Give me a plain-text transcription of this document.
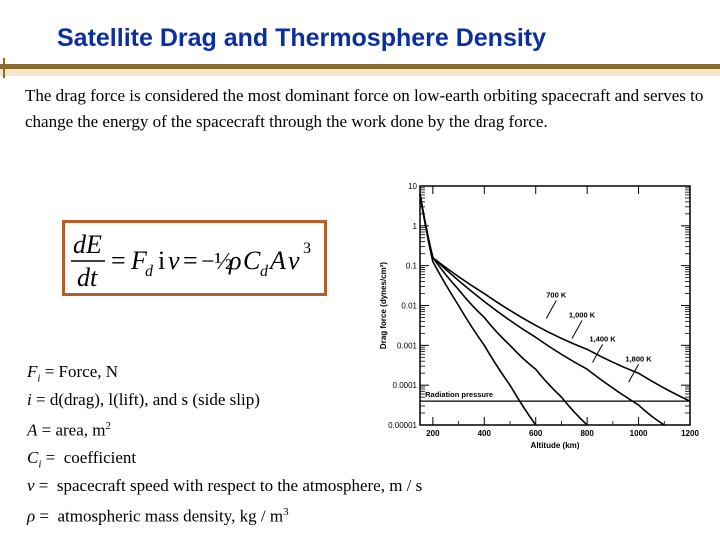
Satellite Drag and Thermosphere Density
The drag force is considered the most dominant force on low-earth orbiting spacecraft and serves to change the energy of the spacecraft through the work done by the drag force.
dE
dt
= F
d i v = −½
ρ C d A v 3
$F_i$ = Force, N
i = d(drag), l(lift), and s (side slip)
A = area, $m^2$
$C_i$ =  coefficient
v =  spacecraft speed with respect to the atmosphere, m / s
ρ =  atmospheric mass density, kg / $m^3$
10
1
0.1
0.01
0.001
0.0001
0.00001
200	400	600	800	1000	1200
Altitude (km)
Drag force (dynes/cm²)	700 K
1,000 K
1,400 K
1,800 K
Radiation pressure
